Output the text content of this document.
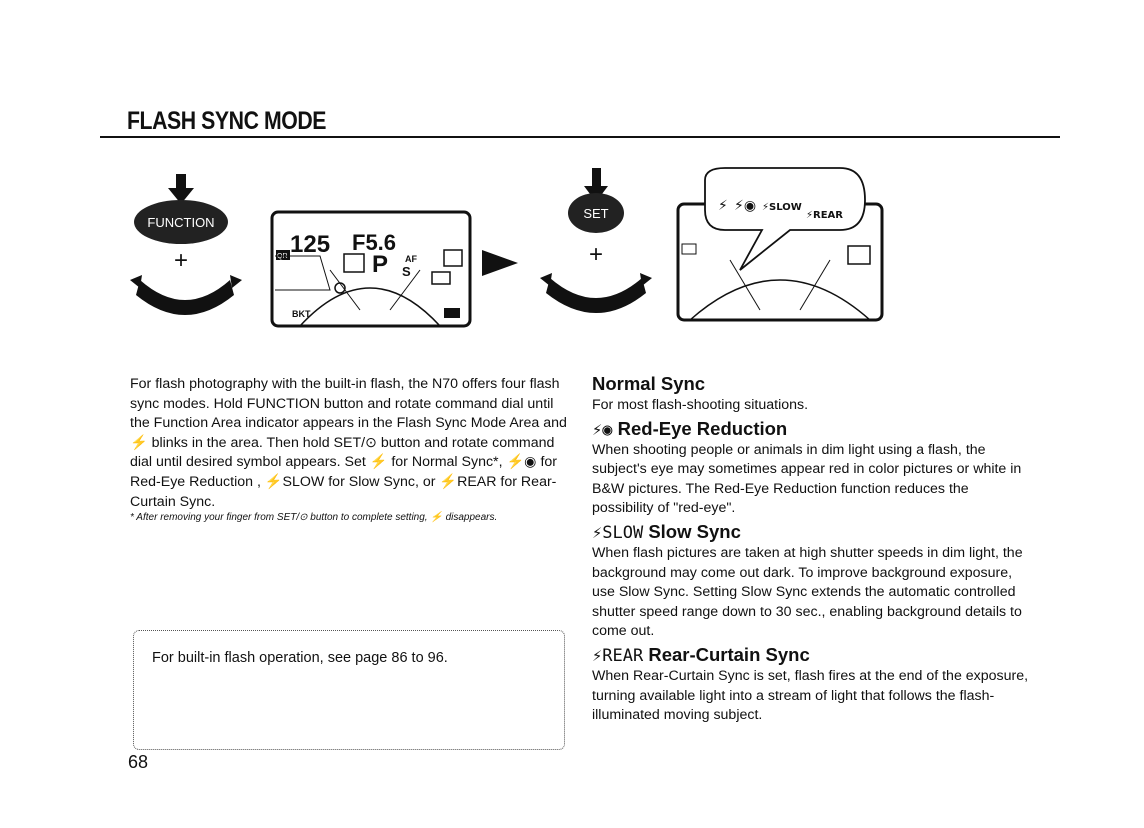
FLASH SYNC MODE
FUNCTION
+
125 F5.6
QR	P AF
S
BKT
SET
+
⚡ ⚡◉ ⚡SLOW
⚡REAR

For flash photography with the built-in flash, the N70 offers four flash sync modes. Hold FUNCTION button and rotate command dial until the Function Area indicator appears in the Flash Sync Mode Area and ⚡ blinks in the area. Then hold SET/⊙ button and rotate command dial until desired symbol appears. Set ⚡ for Normal Sync*, ⚡◉ for Red-Eye Reduction , ⚡SLOW for Slow Sync, or ⚡REAR for Rear-Curtain Sync.

* After removing your finger from SET/⊙ button to complete setting, ⚡ disappears.
For built-in flash operation, see page 86 to 96.
68

Normal Sync

For most flash-shooting situations.

⚡◉ Red-Eye Reduction

When shooting people or animals in dim light using a flash, the subject's eye may sometimes appear red in color pictures or white in B&W pictures. The Red-Eye Reduction function reduces the possibility of "red-eye".

⚡SLOW Slow Sync

When flash pictures are taken at high shutter speeds in dim light, the background may come out dark. To improve background exposure, use Slow Sync. Setting Slow Sync extends the automatic controlled shutter speed range down to 30 sec., enabling background details to come out.

⚡REAR Rear-Curtain Sync

When Rear-Curtain Sync is set, flash fires at the end of the exposure, turning available light into a stream of light that follows the flash-illuminated moving subject.
